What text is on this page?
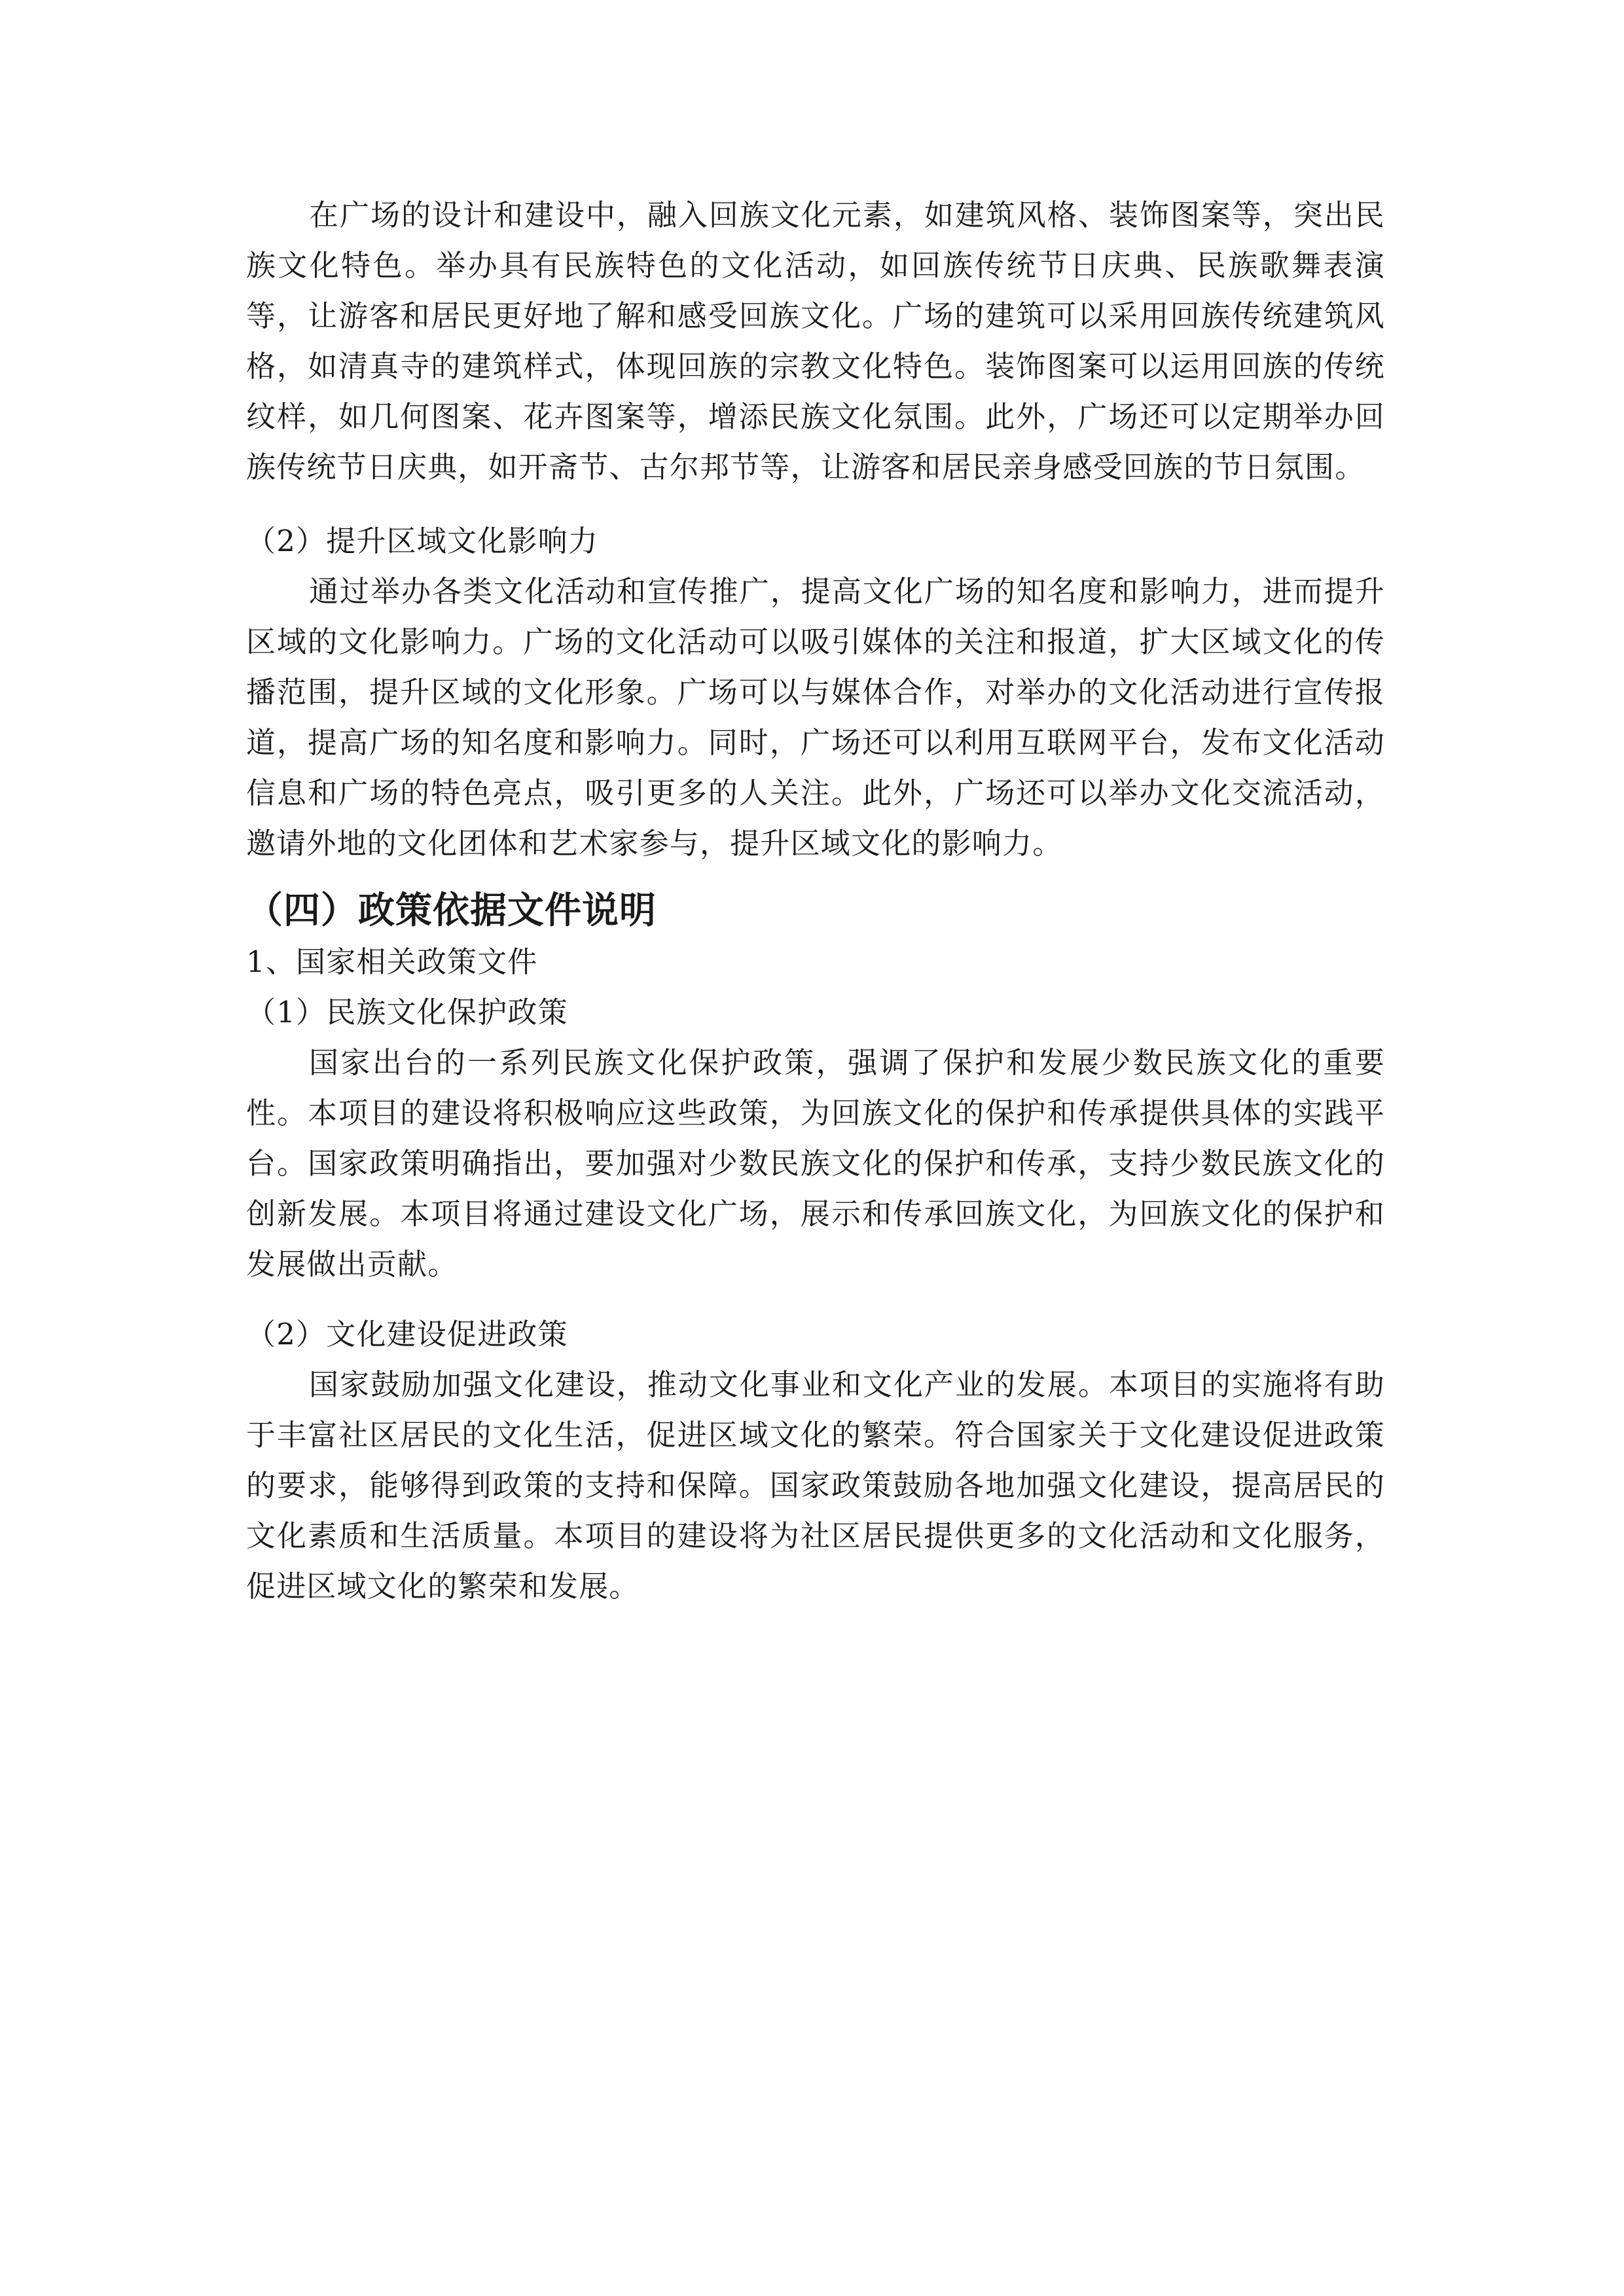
在广场的设计和建设中，融入回族文化元素，如建筑风格、装饰图案等，突出民族文化特色。举办具有民族特色的文化活动，如回族传统节日庆典、民族歌舞表演等，让游客和居民更好地了解和感受回族文化。广场的建筑可以采用回族传统建筑风格，如清真寺的建筑样式，体现回族的宗教文化特色。装饰图案可以运用回族的传统纹样，如几何图案、花卉图案等，增添民族文化氛围。此外，广场还可以定期举办回族传统节日庆典，如开斋节、古尔邦节等，让游客和居民亲身感受回族的节日氛围。

（2）提升区域文化影响力

通过举办各类文化活动和宣传推广，提高文化广场的知名度和影响力，进而提升区域的文化影响力。广场的文化活动可以吸引媒体的关注和报道，扩大区域文化的传播范围，提升区域的文化形象。广场可以与媒体合作，对举办的文化活动进行宣传报道，提高广场的知名度和影响力。同时，广场还可以利用互联网平台，发布文化活动信息和广场的特色亮点，吸引更多的人关注。此外，广场还可以举办文化交流活动，邀请外地的文化团体和艺术家参与，提升区域文化的影响力。

（四）政策依据文件说明

1、国家相关政策文件

（1）民族文化保护政策

国家出台的一系列民族文化保护政策，强调了保护和发展少数民族文化的重要性。本项目的建设将积极响应这些政策，为回族文化的保护和传承提供具体的实践平台。国家政策明确指出，要加强对少数民族文化的保护和传承，支持少数民族文化的创新发展。本项目将通过建设文化广场，展示和传承回族文化，为回族文化的保护和发展做出贡献。

（2）文化建设促进政策

国家鼓励加强文化建设，推动文化事业和文化产业的发展。本项目的实施将有助于丰富社区居民的文化生活，促进区域文化的繁荣。符合国家关于文化建设促进政策的要求，能够得到政策的支持和保障。国家政策鼓励各地加强文化建设，提高居民的文化素质和生活质量。本项目的建设将为社区居民提供更多的文化活动和文化服务，促进区域文化的繁荣和发展。
